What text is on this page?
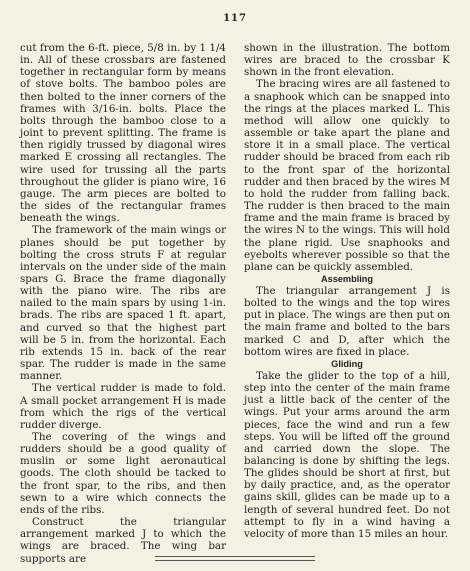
117

cut from the 6-ft. piece, 5/8 in. by 1 1/4 in. All of these crossbars are fastened together in rectangular form by means of stove bolts. The bamboo poles are then bolted to the inner corners of the frames with 3/16-in. bolts. Place the bolts through the bamboo close to a joint to prevent splitting. The frame is then rigidly trussed by diagonal wires marked E crossing all rectangles. The wire used for trussing all the parts throughout the glider is piano wire, 16 gauge. The arm pieces are bolted to the sides of the rectangular frames beneath the wings.

The framework of the main wings or planes should be put together by bolting the cross struts F at regular intervals on the under side of the main spars G. Brace the frame diagonally with the piano wire. The ribs are nailed to the main spars by using 1-in. brads. The ribs are spaced 1 ft. apart, and curved so that the highest part will be 5 in. from the horizontal. Each rib extends 15 in. back of the rear spar. The rudder is made in the same manner.

The vertical rudder is made to fold. A small pocket arrangement H is made from which the rigs of the vertical rudder diverge.

The covering of the wings and rudders should be a good quality of muslin or some light aeronautical goods. The cloth should be tacked to the front spar, to the ribs, and then sewn to a wire which connects the ends of the ribs.

Construct the triangular arrangement marked J to which the wings are braced. The wing bar supports are

shown in the illustration. The bottom wires are braced to the crossbar K shown in the front elevation.

The bracing wires are all fastened to a snaphook which can be snapped into the rings at the places marked L. This method will allow one quickly to assemble or take apart the plane and store it in a small place. The vertical rudder should be braced from each rib to the front spar of the horizontal rudder and then braced by the wires M to hold the rudder from falling back. The rudder is then braced to the main frame and the main frame is braced by the wires N to the wings. This will hold the plane rigid. Use snaphooks and eyebolts wherever possible so that the plane can be quickly assembled.

Assembling

The triangular arrangement J is bolted to the wings and the top wires put in place. The wings are then put on the main frame and bolted to the bars marked C and D, after which the bottom wires are fixed in place.

Gliding

Take the glider to the top of a hill, step into the center of the main frame just a little back of the center of the wings. Put your arms around the arm pieces, face the wind and run a few steps. You will be lifted off the ground and carried down the slope. The balancing is done by shifting the legs. The glides should be short at first, but by daily practice, and, as the operator gains skill, glides can be made up to a length of several hundred feet. Do not attempt to fly in a wind having a velocity of more than 15 miles an hour.
